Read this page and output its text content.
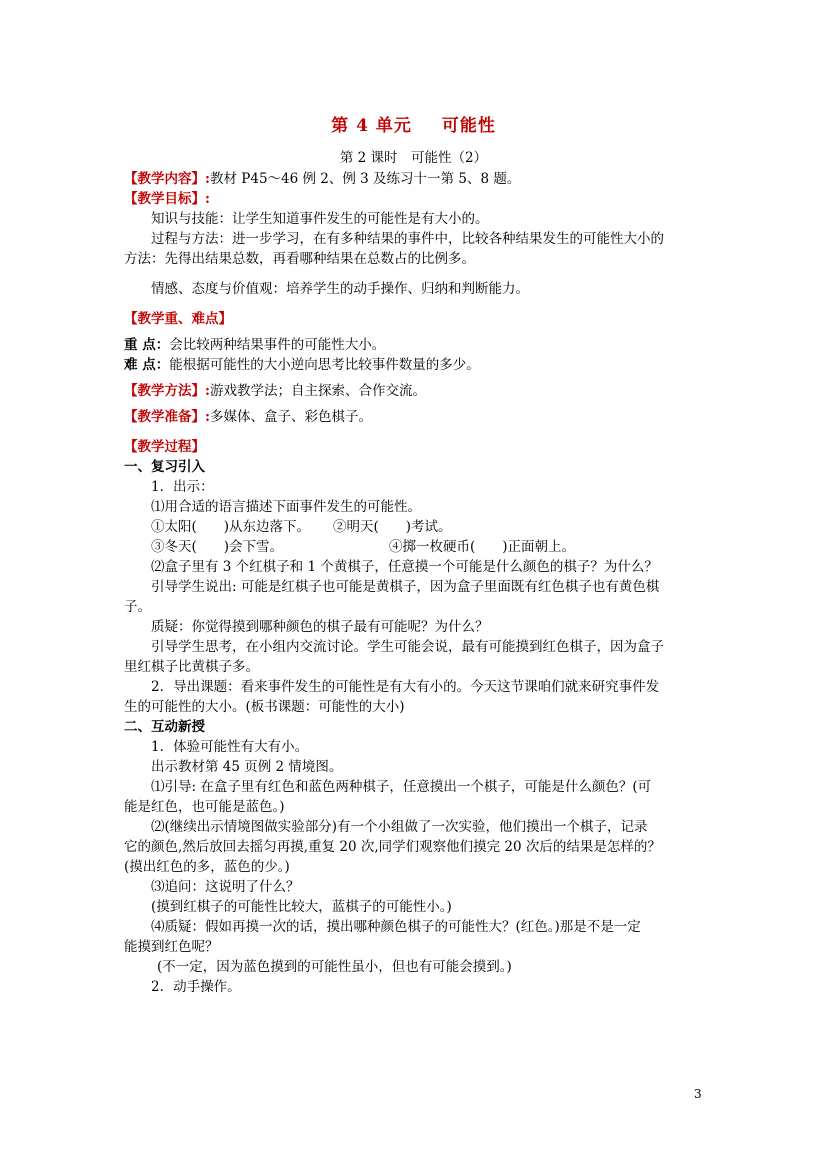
第 4 单元 可能性
第 2 课时　可能性（2）

【教学内容】:教材 P45～46 例 2、例 3 及练习十一第 5、8 题。

【教学目标】:

知识与技能：让学生知道事件发生的可能性是有大小的。

过程与方法：进一步学习，在有多种结果的事件中，比较各种结果发生的可能性大小的

方法：先得出结果总数，再看哪种结果在总数占的比例多。

情感、态度与价值观：培养学生的动手操作、归纳和判断能力。

【教学重、难点】

重 点：会比较两种结果事件的可能性大小。

难 点：能根据可能性的大小逆向思考比较事件数量的多少。

【教学方法】:游戏教学法；自主探索、合作交流。

【教学准备】:多媒体、盒子、彩色棋子。

【教学过程】

一、复习引入

1．出示：

⑴用合适的语言描述下面事件发生的可能性。

①太阳(　　)从东边落下。 ②明天(　　)考试。

③冬天(　　)会下雪。	④掷一枚硬币(　　)正面朝上。

⑵盒子里有 3 个红棋子和 1 个黄棋子，任意摸一个可能是什么颜色的棋子？为什么？

引导学生说出: 可能是红棋子也可能是黄棋子，因为盒子里面既有红色棋子也有黄色棋

子。

质疑：你觉得摸到哪种颜色的棋子最有可能呢？为什么？

引导学生思考，在小组内交流讨论。学生可能会说，最有可能摸到红色棋子，因为盒子

里红棋子比黄棋子多。

2．导出课题：看来事件发生的可能性是有大有小的。今天这节课咱们就来研究事件发

生的可能性的大小。(板书课题：可能性的大小)

二、互动新授

1．体验可能性有大有小。

出示教材第 45 页例 2 情境图。

⑴引导: 在盒子里有红色和蓝色两种棋子，任意摸出一个棋子，可能是什么颜色？(可

能是红色，也可能是蓝色。)

⑵(继续出示情境图做实验部分)有一个小组做了一次实验，他们摸出一个棋子，记录

它的颜色,然后放回去摇匀再摸,重复 20 次,同学们观察他们摸完 20 次后的结果是怎样的？

(摸出红色的多，蓝色的少。)

⑶追问：这说明了什么？

(摸到红棋子的可能性比较大，蓝棋子的可能性小。)

⑷质疑：假如再摸一次的话，摸出哪种颜色棋子的可能性大？(红色。)那是不是一定

能摸到红色呢？

(不一定，因为蓝色摸到的可能性虽小，但也有可能会摸到。)

2．动手操作。

3
